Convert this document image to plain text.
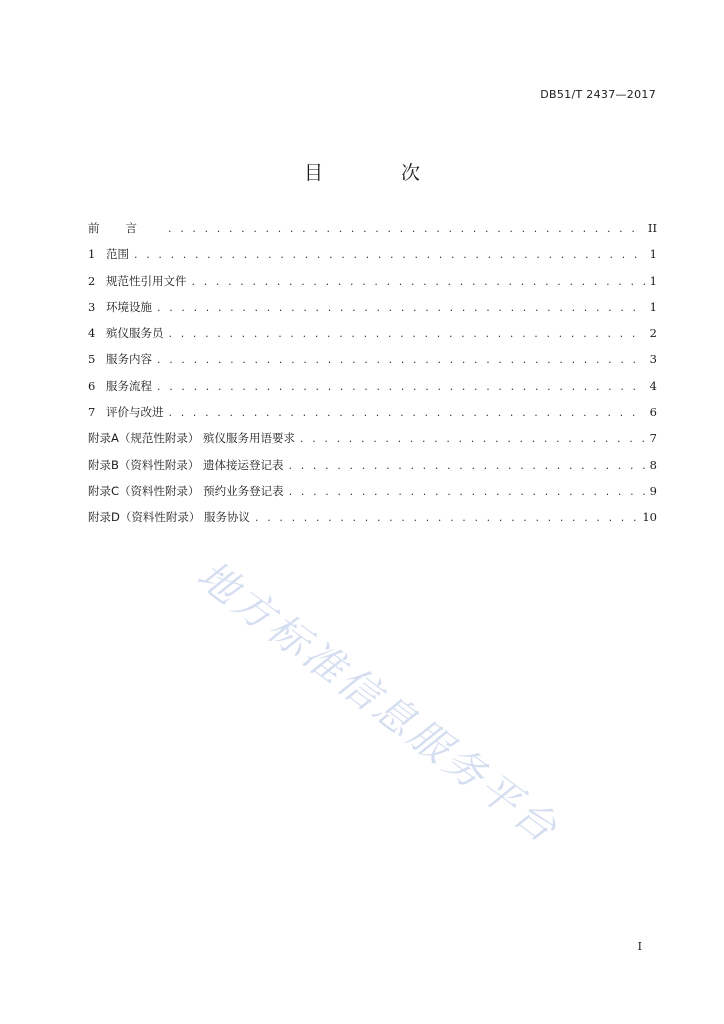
DB51/T 2437—2017
目 次
前言 . . .	II
1 范围 . . .	1
2 规范性引用文件 . . .	1
3 环境设施 . . .	1
4 殡仪服务员 . . .	2
5 服务内容 . . .	3
6 服务流程 . . .	4
7 评价与改进 . . .	6
附录A（规范性附录） 殡仪服务用语要求 . . .	7
附录B（资料性附录） 遗体接运登记表 . . .	8
附录C（资料性附录） 预约业务登记表 . . .	9
附录D（资料性附录） 服务协议 . . .	10
地方标准信息服务平台
I
